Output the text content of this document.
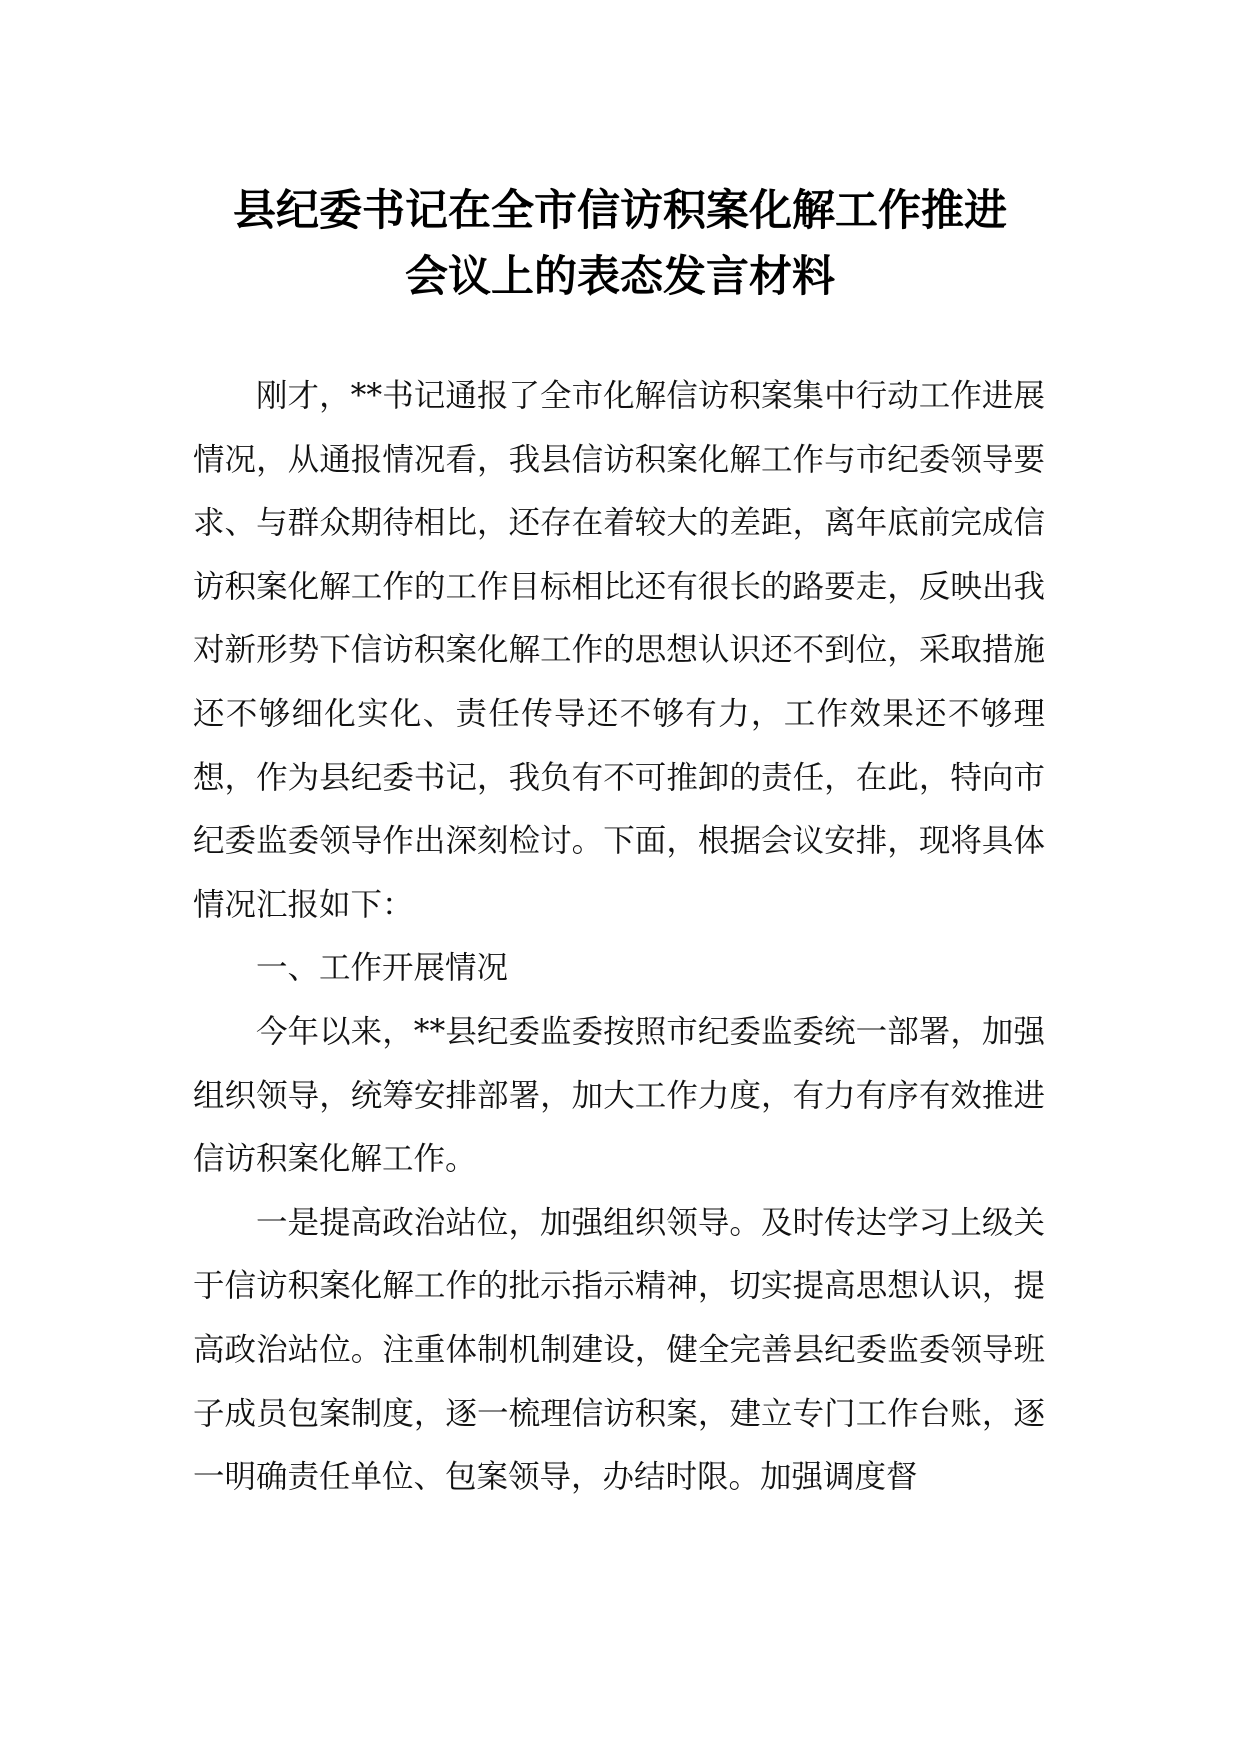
县纪委书记在全市信访积案化解工作推进
会议上的表态发言材料

刚才，**书记通报了全市化解信访积案集中行动工作进展情况，从通报情况看，我县信访积案化解工作与市纪委领导要求、与群众期待相比，还存在着较大的差距，离年底前完成信访积案化解工作的工作目标相比还有很长的路要走，反映出我对新形势下信访积案化解工作的思想认识还不到位，采取措施还不够细化实化、责任传导还不够有力，工作效果还不够理想，作为县纪委书记，我负有不可推卸的责任，在此，特向市纪委监委领导作出深刻检讨。下面，根据会议安排，现将具体情况汇报如下：

一、工作开展情况

今年以来，**县纪委监委按照市纪委监委统一部署，加强组织领导，统筹安排部署，加大工作力度，有力有序有效推进信访积案化解工作。

一是提高政治站位，加强组织领导。及时传达学习上级关于信访积案化解工作的批示指示精神，切实提高思想认识，提高政治站位。注重体制机制建设，健全完善县纪委监委领导班子成员包案制度，逐一梳理信访积案，建立专门工作台账，逐一明确责任单位、包案领导，办结时限。加强调度督
